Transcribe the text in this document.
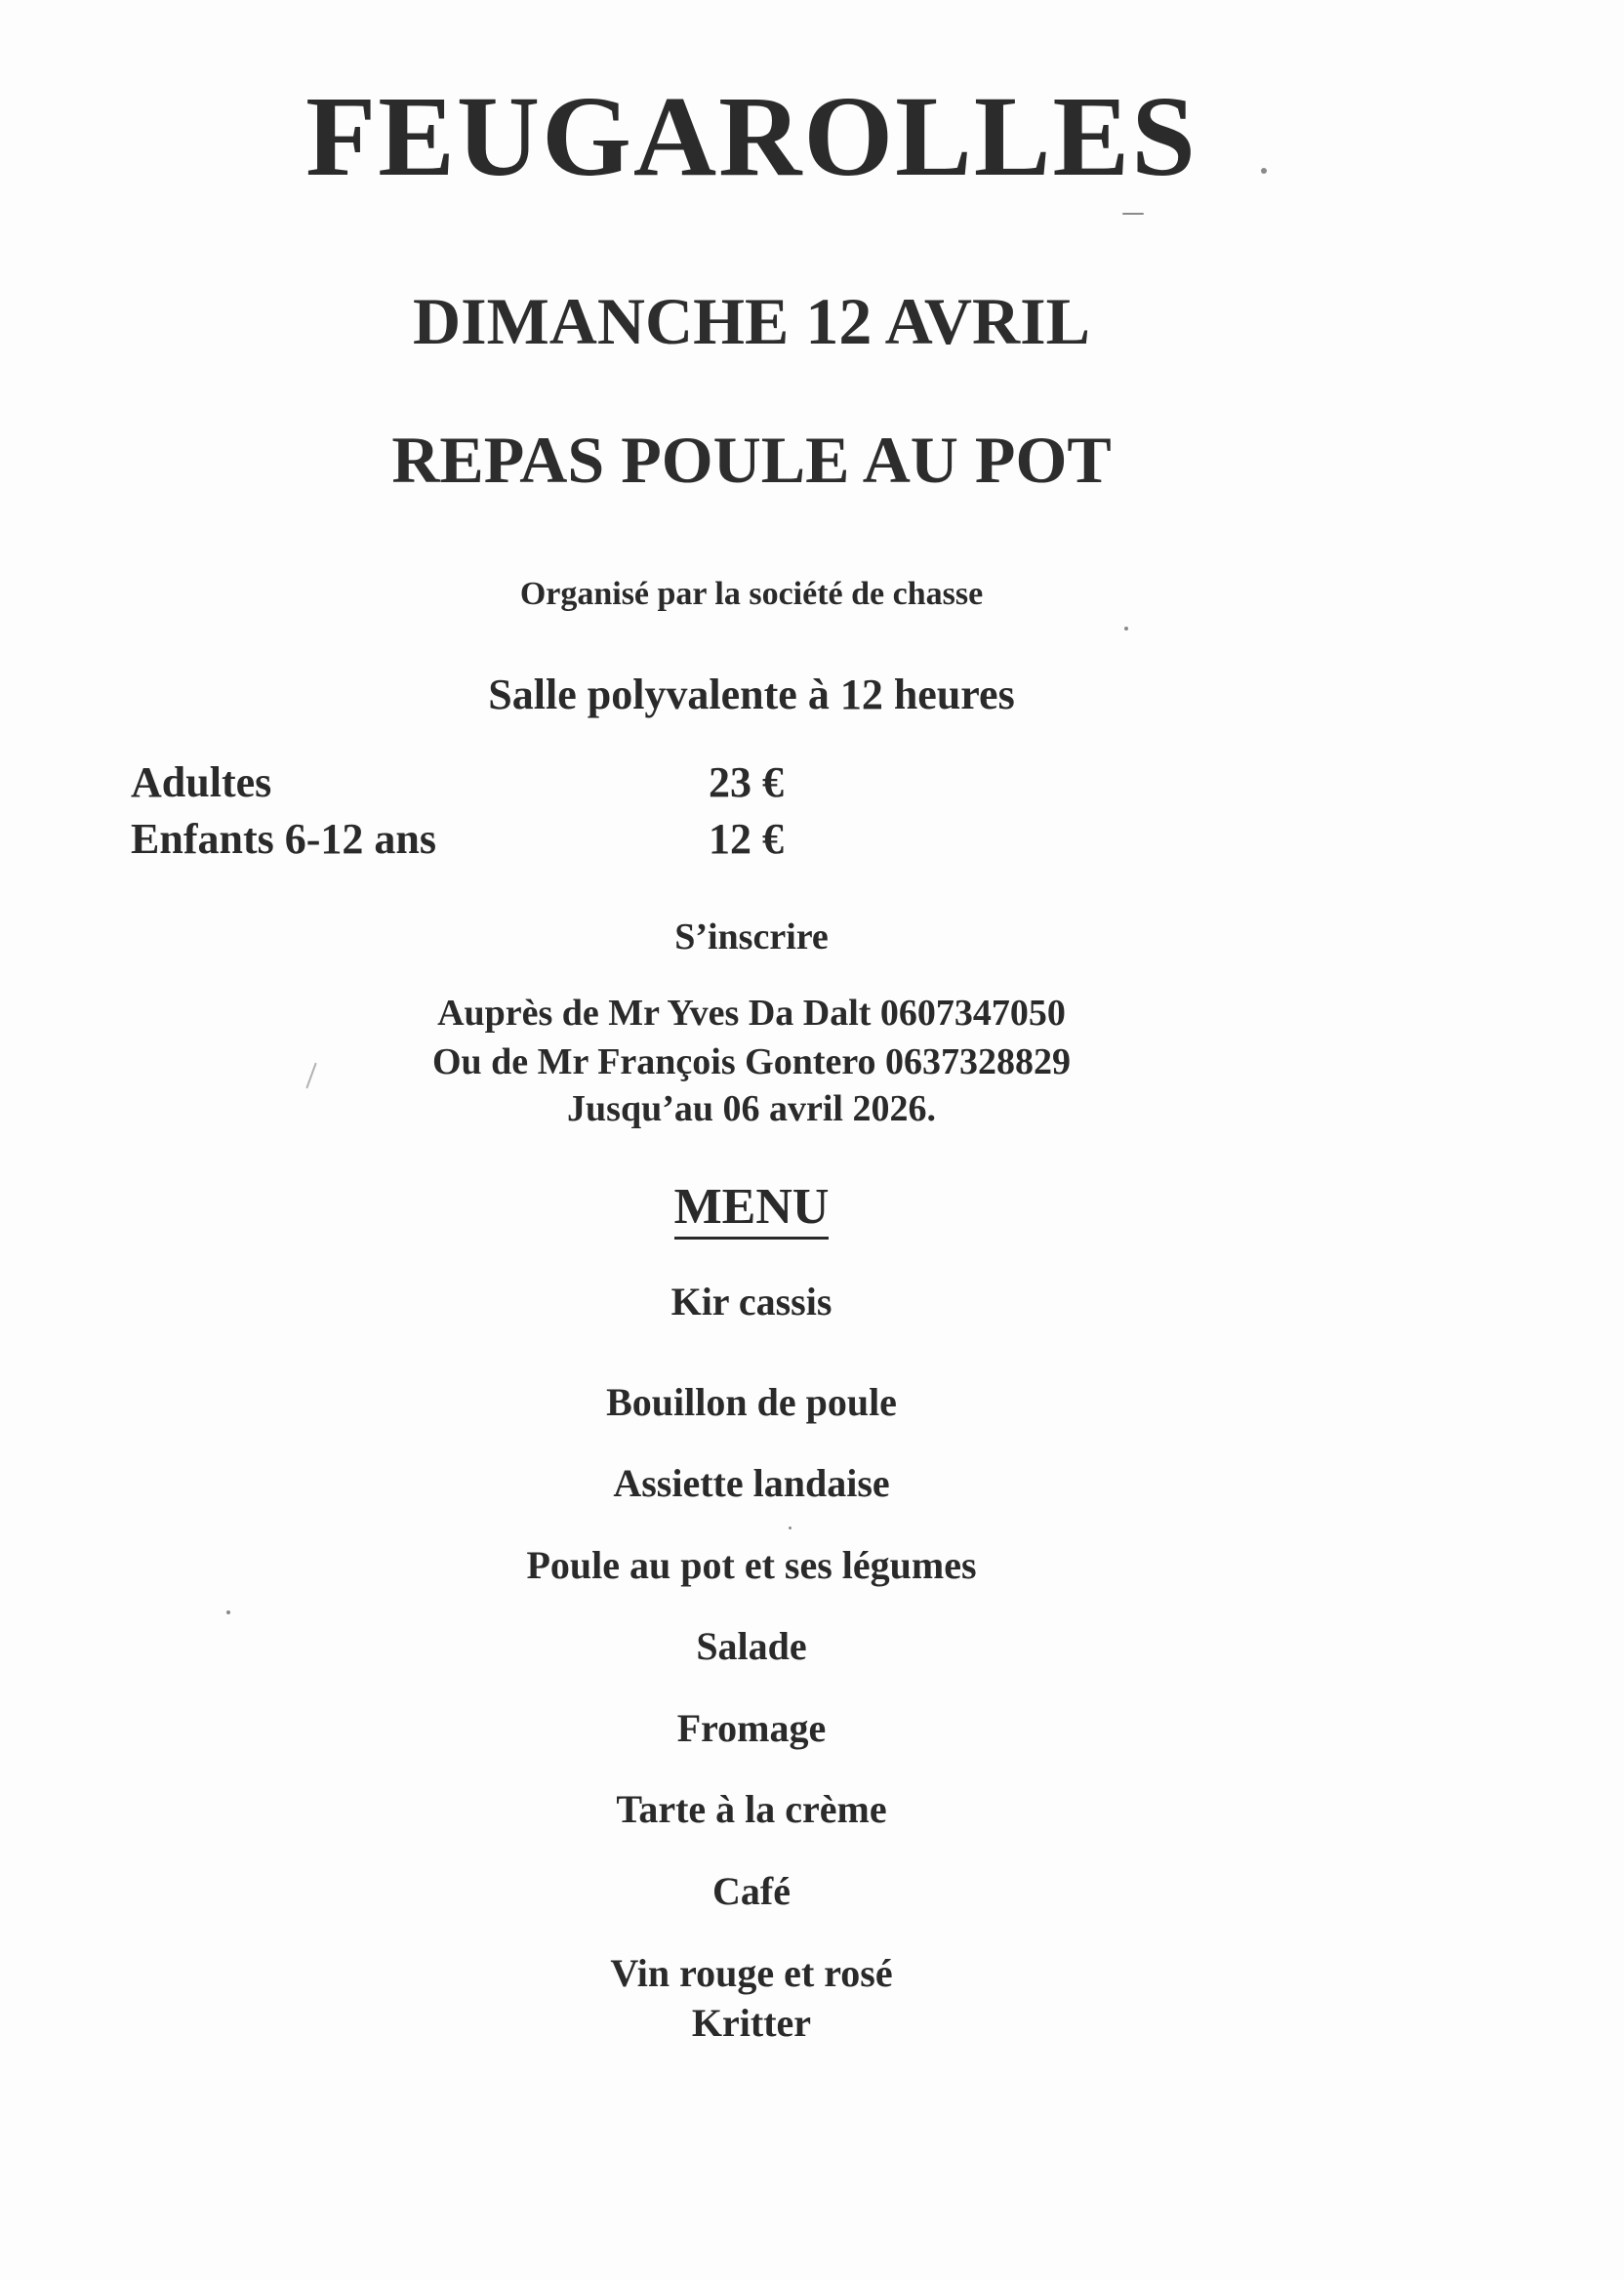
FEUGAROLLES
DIMANCHE 12 AVRIL
REPAS POULE AU POT
Organisé par la société de chasse
Salle polyvalente à 12 heures
Adultes	23 €
Enfants 6-12 ans	12 €
S’inscrire
Auprès de Mr Yves Da Dalt 0607347050
Ou de Mr François Gontero 0637328829
Jusqu’au 06 avril 2026.
MENU
Kir cassis
Bouillon de poule
Assiette landaise
Poule au pot et ses légumes
Salade
Fromage
Tarte à la crème
Café
Vin rouge et rosé
Kritter
